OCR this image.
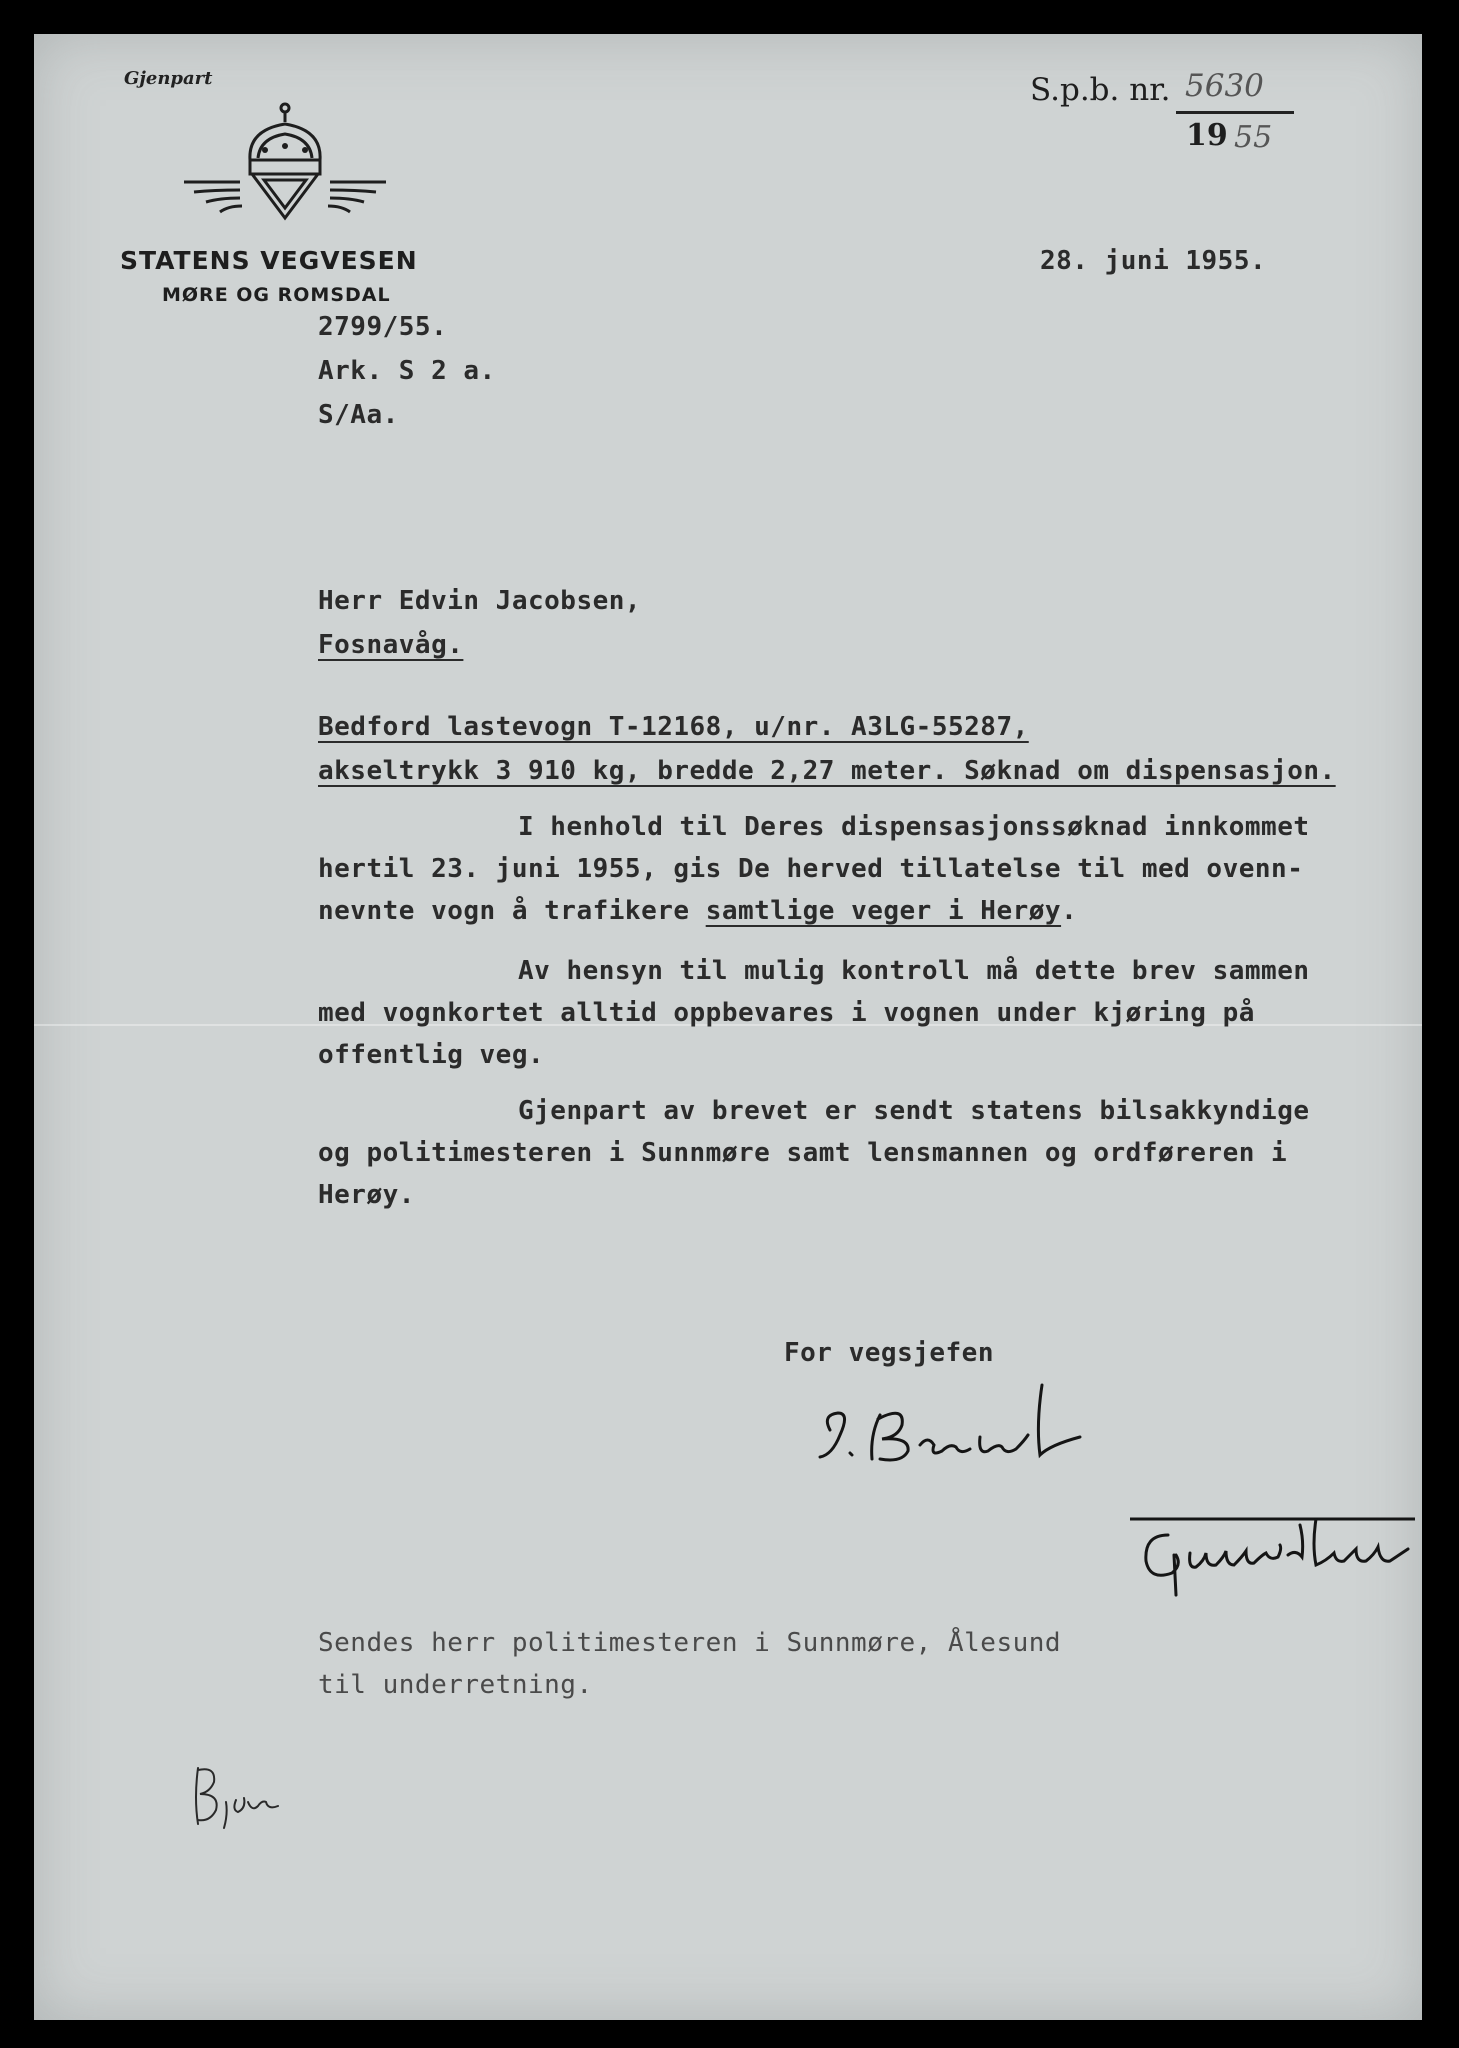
Gjenpart
STATENS VEGVESEN
MØRE OG ROMSDAL
S.p.b. nr. 5630
19 55
28. juni 1955.
2799/55.
Ark. S 2 a.
S/Aa.
Herr Edvin Jacobsen,
Fosnavåg.
Bedford lastevogn T-12168, u/nr. A3LG-55287,
akseltrykk 3 910 kg, bredde 2,27 meter. Søknad om dispensasjon.
I henhold til Deres dispensasjonssøknad innkommet
hertil 23. juni 1955, gis De herved tillatelse til med ovenn-
nevnte vogn å trafikere samtlige veger i Herøy.
Av hensyn til mulig kontroll må dette brev sammen
med vognkortet alltid oppbevares i vognen under kjøring på
offentlig veg.
Gjenpart av brevet er sendt statens bilsakkyndige
og politimesteren i Sunnmøre samt lensmannen og ordføreren i
Herøy.
For vegsjefen
Sendes herr politimesteren i Sunnmøre, Ålesund
til underretning.
